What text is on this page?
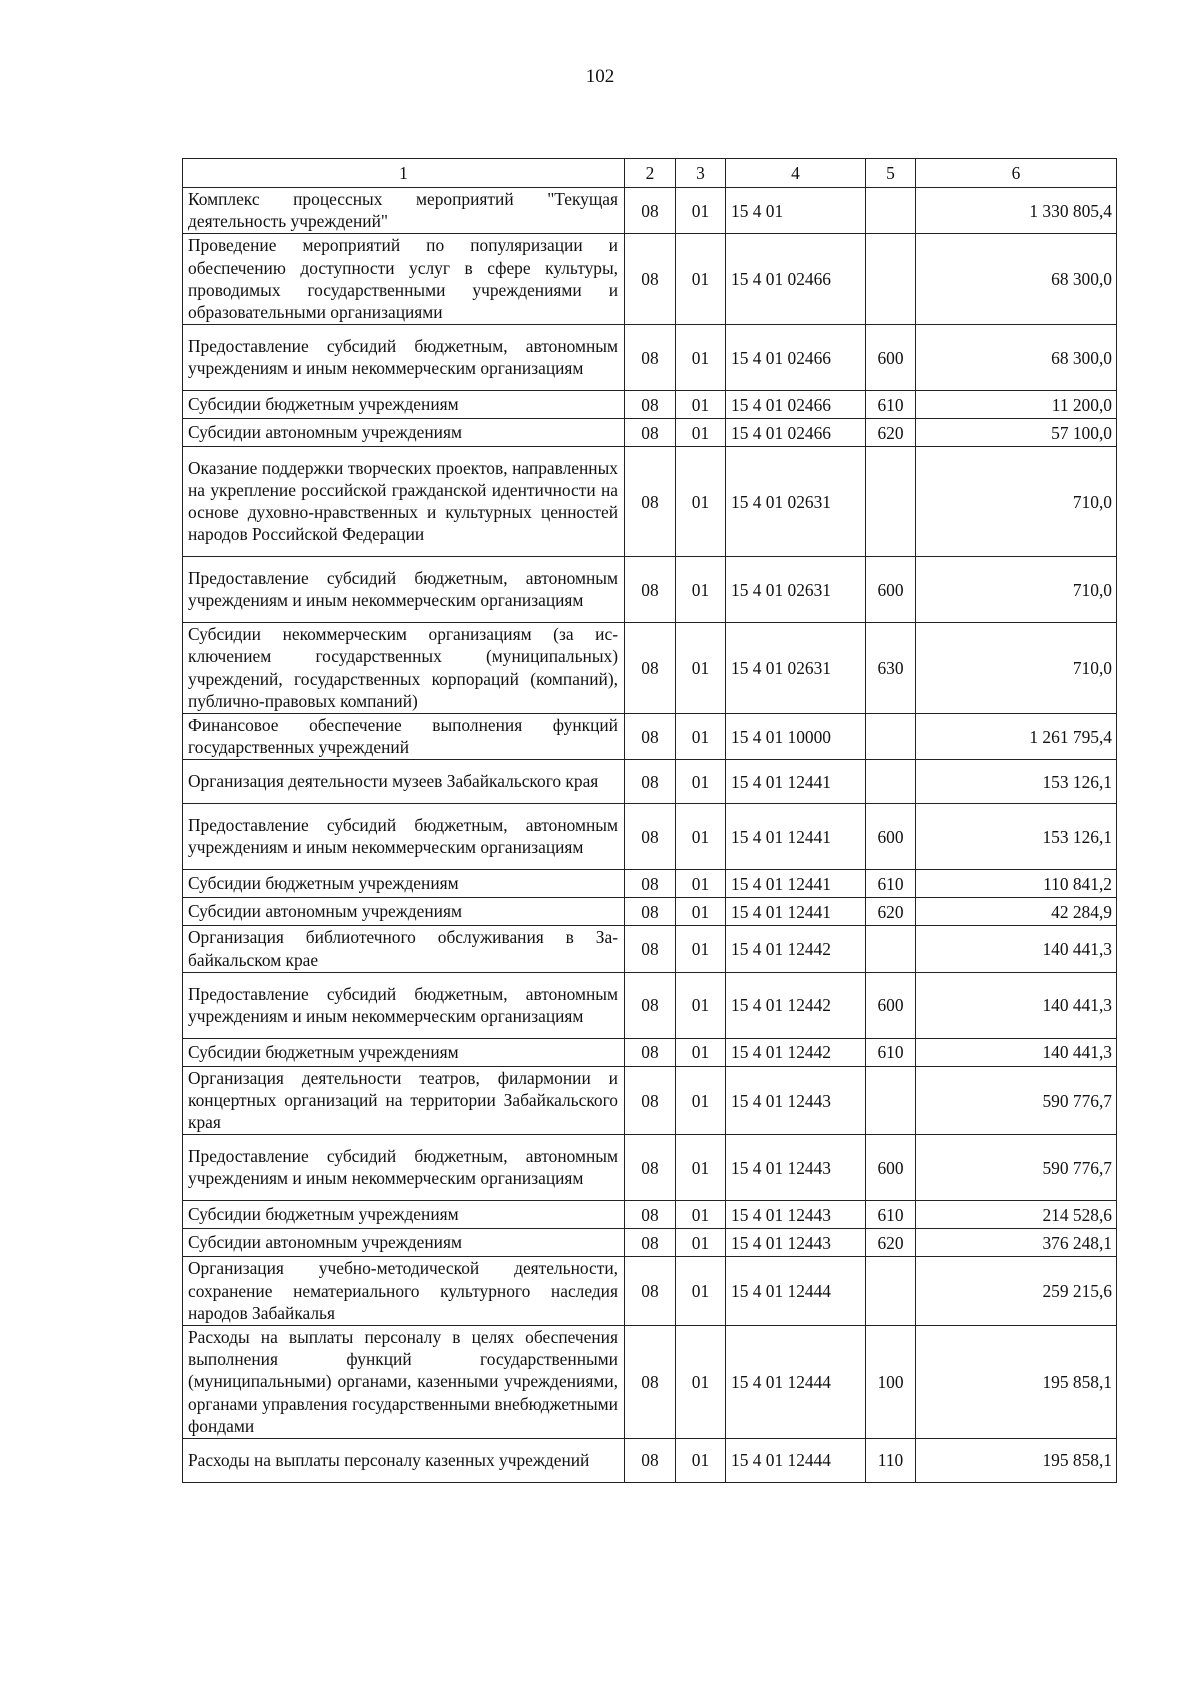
102
1	2	3	4	5	6
Комплекс процессных мероприятий "Текущая деятельность учреждений"	08	01	15 4 01		1 330 805,4
Проведение мероприятий по популяризации и обеспечению доступности услуг в сфере культуры, проводимых государственными учреждениями и образовательными организациями	08	01	15 4 01 02466		68 300,0
Предоставление субсидий бюджетным, автономным учреждениям и иным некоммерческим организациям	08	01	15 4 01 02466	600	68 300,0
Субсидии бюджетным учреждениям	08	01	15 4 01 02466	610	11 200,0
Субсидии автономным учреждениям	08	01	15 4 01 02466	620	57 100,0
Оказание поддержки творческих проектов, направленных на укрепление российской гражданской идентичности на основе духовно-нравственных и культурных ценностей народов Российской Федерации	08	01	15 4 01 02631		710,0
Предоставление субсидий бюджетным, автономным учреждениям и иным некоммерческим организациям	08	01	15 4 01 02631	600	710,0
Субсидии некоммерческим организациям (за исключением государственных (муниципальных) учреждений, государственных корпораций (компаний), публично-правовых компаний)	08	01	15 4 01 02631	630	710,0
Финансовое обеспечение выполнения функций государственных учреждений	08	01	15 4 01 10000		1 261 795,4
Организация деятельности музеев Забайкальского края	08	01	15 4 01 12441		153 126,1
Предоставление субсидий бюджетным, автономным учреждениям и иным некоммерческим организациям	08	01	15 4 01 12441	600	153 126,1
Субсидии бюджетным учреждениям	08	01	15 4 01 12441	610	110 841,2
Субсидии автономным учреждениям	08	01	15 4 01 12441	620	42 284,9
Организация библиотечного обслуживания в Забайкальском крае	08	01	15 4 01 12442		140 441,3
Предоставление субсидий бюджетным, автономным учреждениям и иным некоммерческим организациям	08	01	15 4 01 12442	600	140 441,3
Субсидии бюджетным учреждениям	08	01	15 4 01 12442	610	140 441,3
Организация деятельности театров, филармонии и концертных организаций на территории Забайкальского края	08	01	15 4 01 12443		590 776,7
Предоставление субсидий бюджетным, автономным учреждениям и иным некоммерческим организациям	08	01	15 4 01 12443	600	590 776,7
Субсидии бюджетным учреждениям	08	01	15 4 01 12443	610	214 528,6
Субсидии автономным учреждениям	08	01	15 4 01 12443	620	376 248,1
Организация учебно-методической деятельности, сохранение нематериального культурного наследия народов Забайкалья	08	01	15 4 01 12444		259 215,6
Расходы на выплаты персоналу в целях обеспечения выполнения функций государственными (муниципальными) органами, казенными учреждениями, органами управления государственными внебюджетными фондами	08	01	15 4 01 12444	100	195 858,1
Расходы на выплаты персоналу казенных учреждений	08	01	15 4 01 12444	110	195 858,1
